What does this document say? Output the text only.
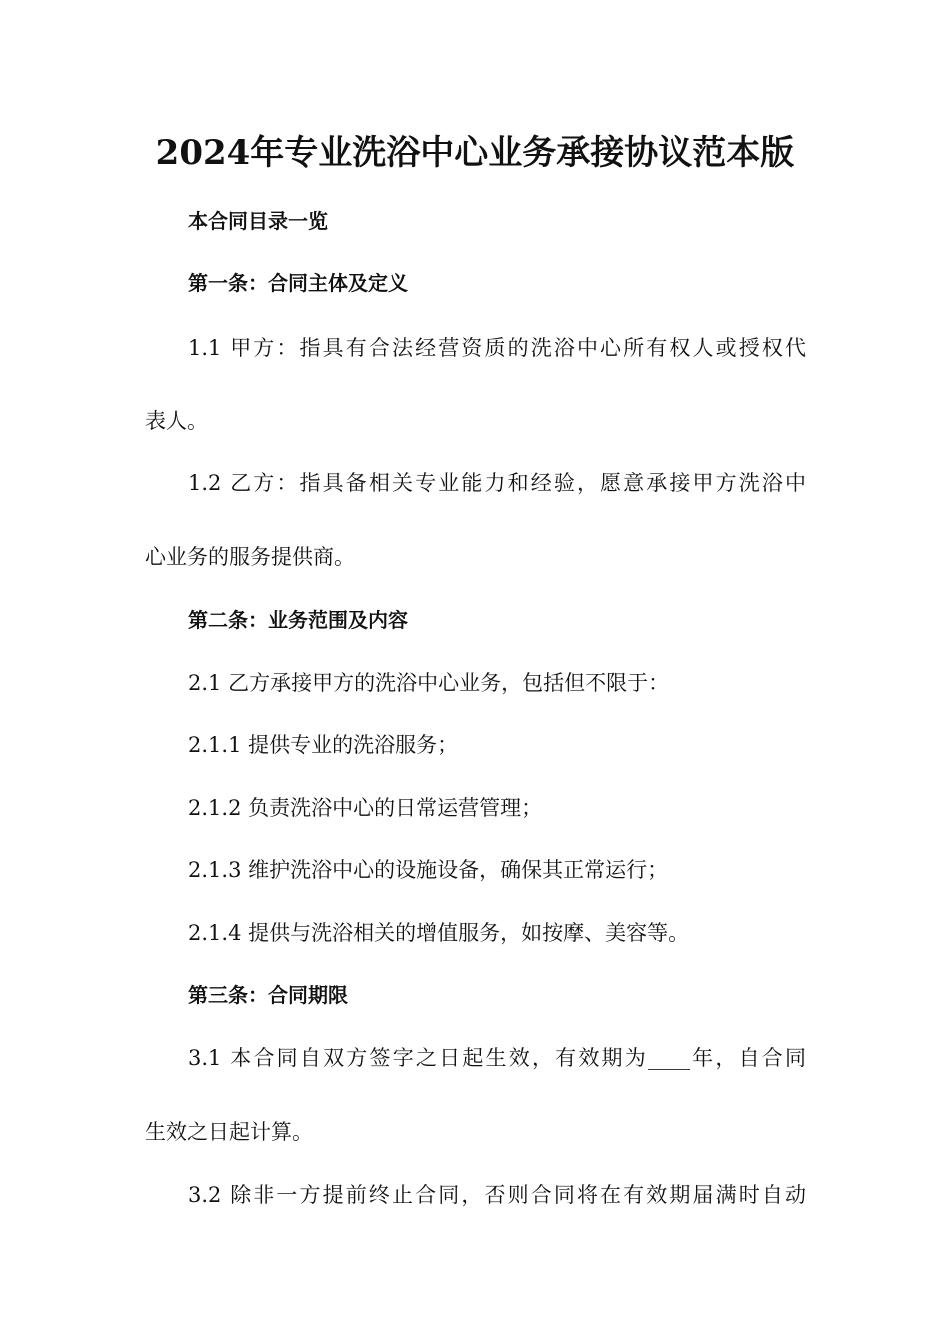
2024年专业洗浴中心业务承接协议范本版
本合同目录一览
第一条：合同主体及定义
1.1 甲方：指具有合法经营资质的洗浴中心所有权人或授权代
表人。
1.2 乙方：指具备相关专业能力和经验，愿意承接甲方洗浴中
心业务的服务提供商。
第二条：业务范围及内容
2.1 乙方承接甲方的洗浴中心业务，包括但不限于：
2.1.1 提供专业的洗浴服务；
2.1.2 负责洗浴中心的日常运营管理；
2.1.3 维护洗浴中心的设施设备，确保其正常运行；
2.1.4 提供与洗浴相关的增值服务，如按摩、美容等。
第三条：合同期限
3.1 本合同自双方签字之日起生效，有效期为____年，自合同
生效之日起计算。
3.2 除非一方提前终止合同，否则合同将在有效期届满时自动
